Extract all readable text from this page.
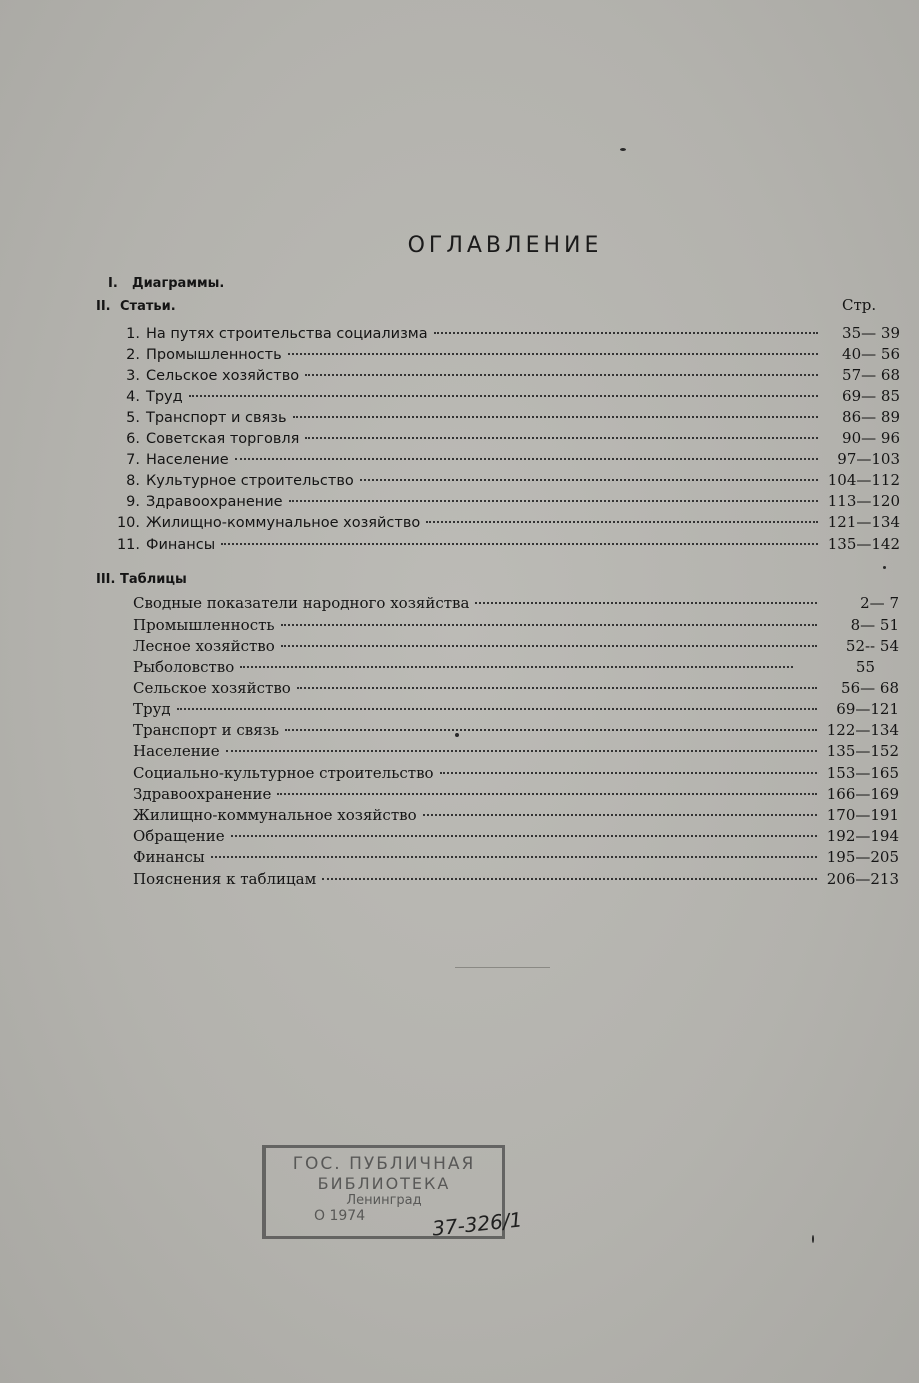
ОГЛАВЛЕНИЕ
I. Диаграммы.
II. Статьи.	Стр.
1. На путях строительства социализма	35— 39
2. Промышленность	40— 56
3. Сельское хозяйство	57— 68
4. Труд	69— 85
5. Транспорт и связь	86— 89
6. Советская торговля	90— 96
7. Население	97—103
8. Культурное строительство	104—112
9. Здравоохранение	113—120
10. Жилищно-коммунальное хозяйство	121—134
11. Финансы	135—142
III. Таблицы
Сводные показатели народного хозяйства	2— 7
Промышленность	8— 51
Лесное хозяйство	52-- 54
Рыболовство	55
Сельское хозяйство	56— 68
Труд	69—121
Транспорт и связь	122—134
Население	135—152
Социально-культурное строительство	153—165
Здравоохранение	166—169
Жилищно-коммунальное хозяйство	170—191
Обращение	192—194
Финансы	195—205
Пояснения к таблицам	206—213
ГОС. ПУБЛИЧНАЯ
БИБЛИОТЕКА
Ленинград
О 1974	37-326/1
